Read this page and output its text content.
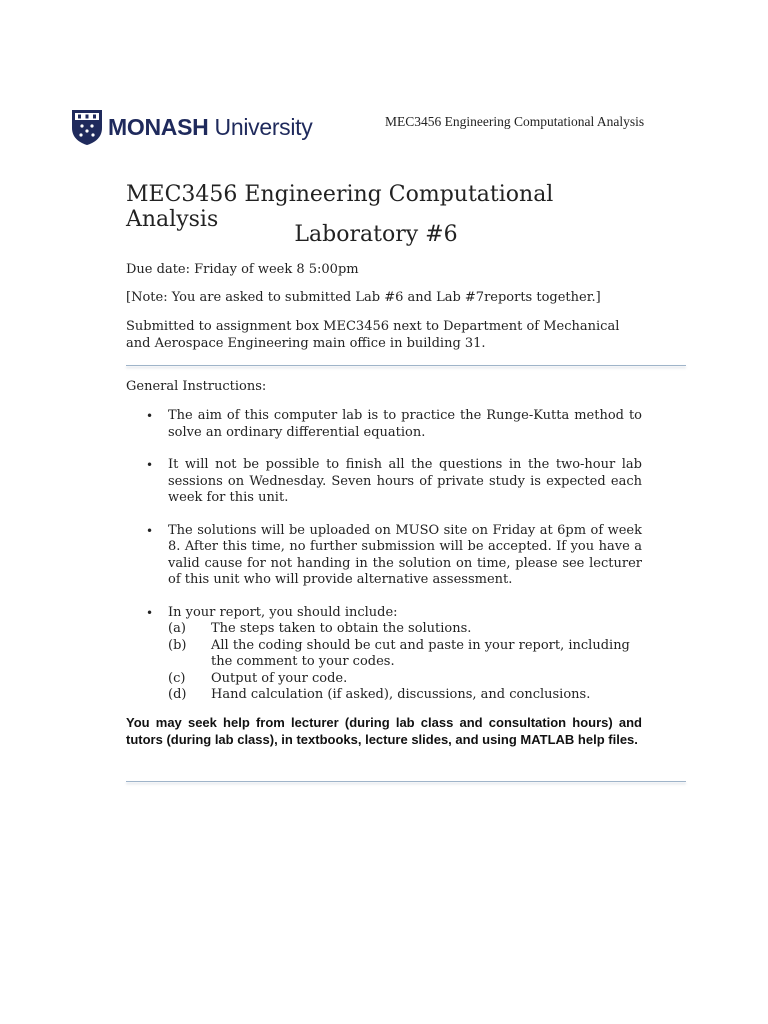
MONASH University	MEC3456 Engineering Computational Analysis
MEC3456 Engineering Computational Analysis
Laboratory #6
Due date: Friday of week 8 5:00pm
[Note: You are asked to submitted Lab #6 and Lab #7reports together.]
Submitted to assignment box MEC3456 next to Department of Mechanical and Aerospace Engineering main office in building 31.
General Instructions:
• The aim of this computer lab is to practice the Runge-Kutta method to solve an ordinary differential equation.
• It will not be possible to finish all the questions in the two-hour lab sessions on Wednesday. Seven hours of private study is expected each week for this unit.
• The solutions will be uploaded on MUSO site on Friday at 6pm of week 8. After this time, no further submission will be accepted. If you have a valid cause for not handing in the solution on time, please see lecturer of this unit who will provide alternative assessment.
• In your report, you should include:
(a)	The steps taken to obtain the solutions.
(b)	All the coding should be cut and paste in your report, including the comment to your codes.
(c)	Output of your code.
(d)	Hand calculation (if asked), discussions, and conclusions.
You may seek help from lecturer (during lab class and consultation hours) and tutors (during lab class), in textbooks, lecture slides, and using MATLAB help files.
